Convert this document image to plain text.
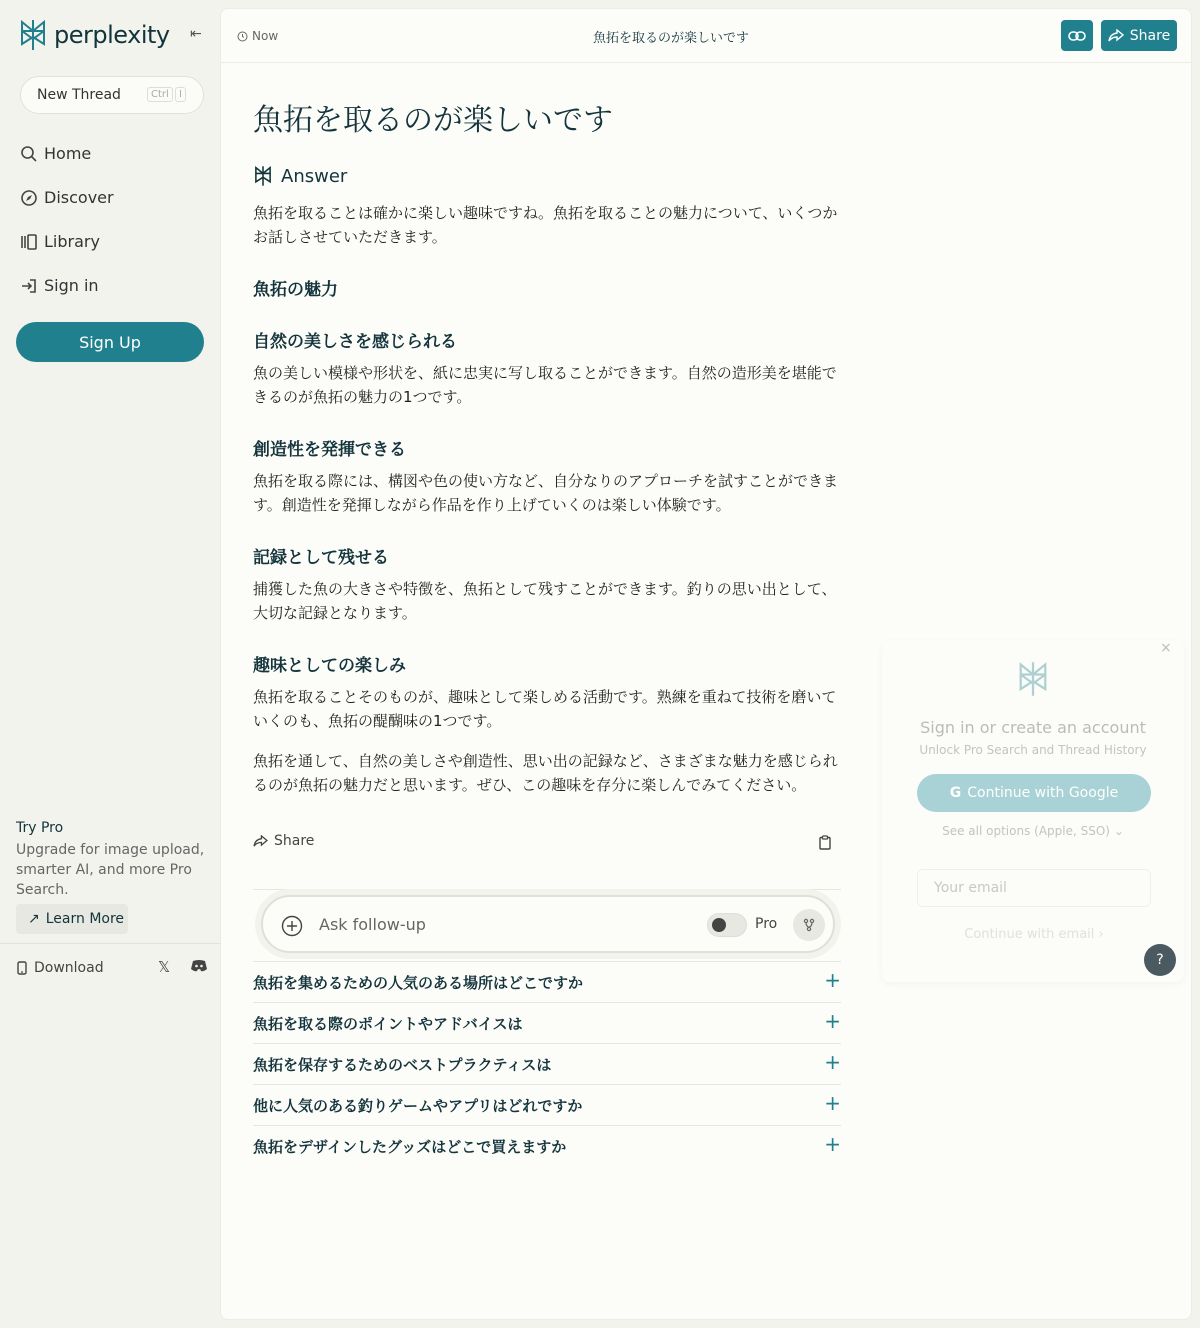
perplexity ⇤
New Thread	Ctrl	I
Home
Discover
Library
Sign in
Sign Up
Try Pro
Upgrade for image upload, smarter AI, and more Pro Search.
↗ Learn More
Download	𝕏
Now	魚拓を取るのが楽しいです	Share
魚拓を取るのが楽しいです
Answer
魚拓を取ることは確かに楽しい趣味ですね。魚拓を取ることの魅力について、いくつかお話しさせていただきます。
魚拓の魅力
自然の美しさを感じられる
魚の美しい模様や形状を、紙に忠実に写し取ることができます。自然の造形美を堪能できるのが魚拓の魅力の1つです。
創造性を発揮できる
魚拓を取る際には、構図や色の使い方など、自分なりのアプローチを試すことができます。創造性を発揮しながら作品を作り上げていくのは楽しい体験です。
記録として残せる
捕獲した魚の大きさや特徴を、魚拓として残すことができます。釣りの思い出として、大切な記録となります。
趣味としての楽しみ
魚拓を取ることそのものが、趣味として楽しめる活動です。熟練を重ねて技術を磨いていくのも、魚拓の醍醐味の1つです。
魚拓を通して、自然の美しさや創造性、思い出の記録など、さまざまな魅力を感じられるのが魚拓の魅力だと思います。ぜひ、この趣味を存分に楽しんでみてください。
Share
Ask follow-up	Pro
魚拓を集めるための人気のある場所はどこですか	+
魚拓を取る際のポイントやアドバイスは	+
魚拓を保存するためのベストプラクティスは	+
他に人気のある釣りゲームやアプリはどれですか	+
魚拓をデザインしたグッズはどこで買えますか	+
×
Sign in or create an account
Unlock Pro Search and Thread History
G Continue with Google
See all options (Apple, SSO) ⌄
Your email
Continue with email ›
?
